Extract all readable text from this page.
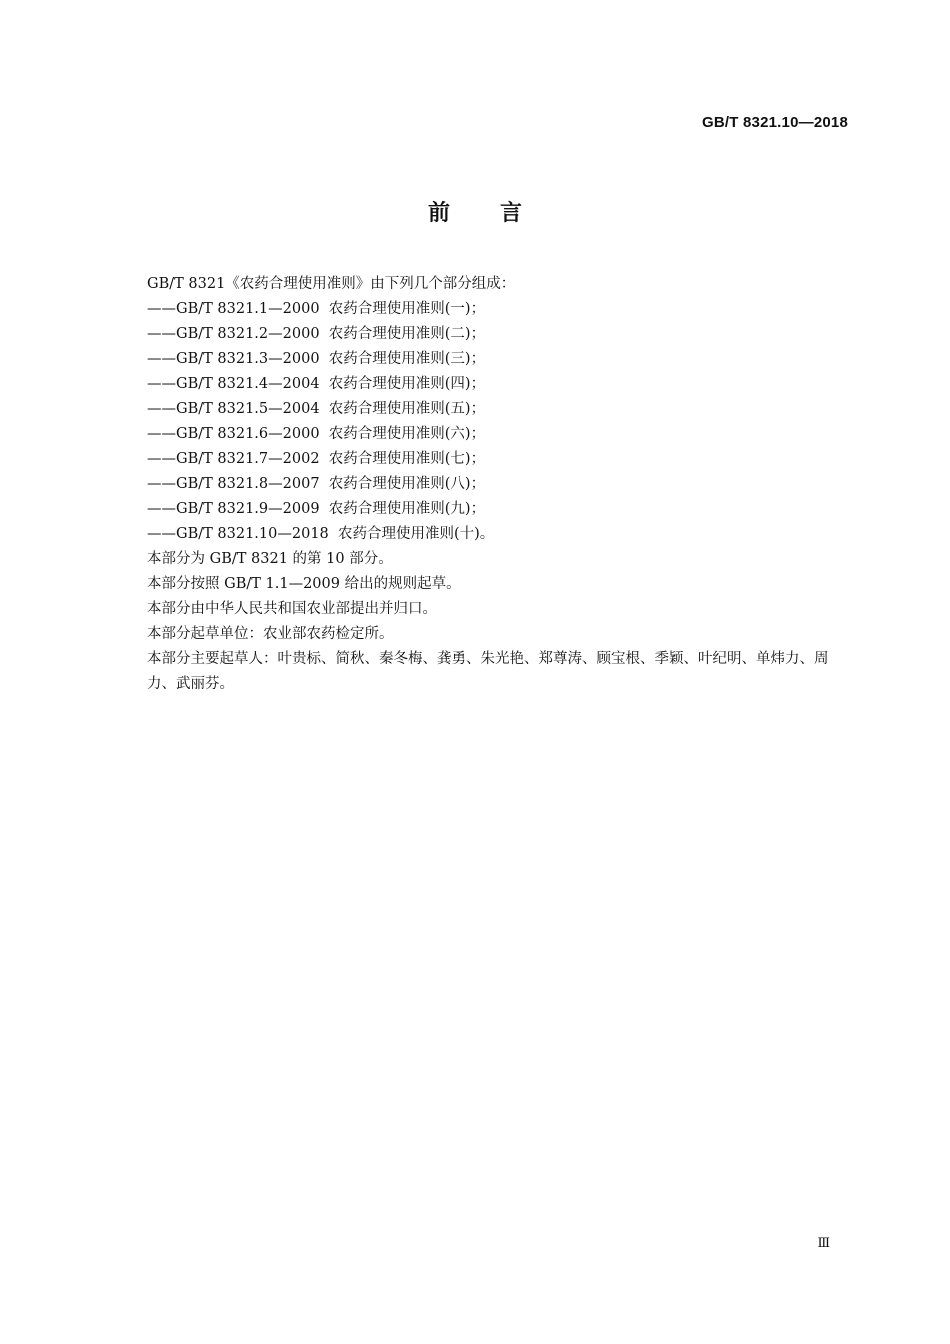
GB/T 8321.10—2018
前言

GB/T 8321《农药合理使用准则》由下列几个部分组成：

——GB/T 8321.1—2000  农药合理使用准则(一)；

——GB/T 8321.2—2000  农药合理使用准则(二)；

——GB/T 8321.3—2000  农药合理使用准则(三)；

——GB/T 8321.4—2004  农药合理使用准则(四)；

——GB/T 8321.5—2004  农药合理使用准则(五)；

——GB/T 8321.6—2000  农药合理使用准则(六)；

——GB/T 8321.7—2002  农药合理使用准则(七)；

——GB/T 8321.8—2007  农药合理使用准则(八)；

——GB/T 8321.9—2009  农药合理使用准则(九)；

——GB/T 8321.10—2018  农药合理使用准则(十)。

本部分为 GB/T 8321 的第 10 部分。

本部分按照 GB/T 1.1—2009 给出的规则起草。

本部分由中华人民共和国农业部提出并归口。

本部分起草单位：农业部农药检定所。

本部分主要起草人：叶贵标、简秋、秦冬梅、龚勇、朱光艳、郑尊涛、顾宝根、季颖、叶纪明、单炜力、周力、武丽芬。

Ⅲ
